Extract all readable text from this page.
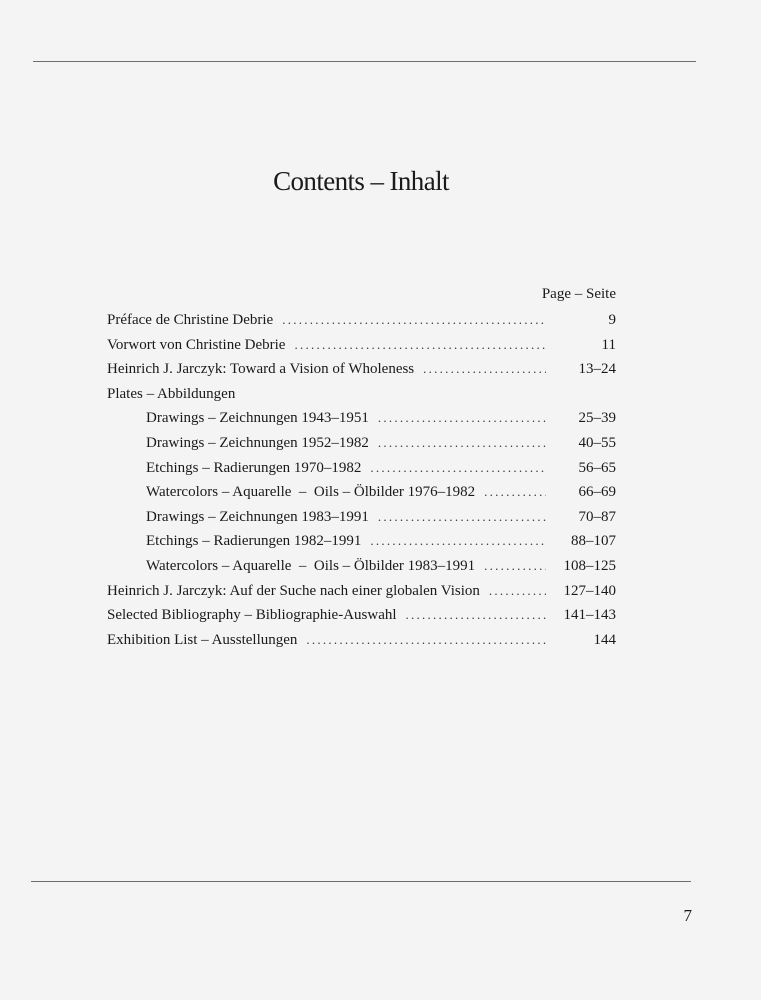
Contents – Inhalt
Page – Seite
Préface de Christine Debrie . . .	9
Vorwort von Christine Debrie . . .	11
Heinrich J. Jarczyk: Toward a Vision of Wholeness . . .	13–24
Plates – Abbildungen
Drawings – Zeichnungen 1943–1951 . . .	25–39
Drawings – Zeichnungen 1952–1982 . . .	40–55
Etchings – Radierungen 1970–1982 . . .	56–65
Watercolors – Aquarelle  –  Oils – Ölbilder 1976–1982 . . .	66–69
Drawings – Zeichnungen 1983–1991 . . .	70–87
Etchings – Radierungen 1982–1991 . . .	88–107
Watercolors – Aquarelle  –  Oils – Ölbilder 1983–1991 . . .	108–125
Heinrich J. Jarczyk: Auf der Suche nach einer globalen Vision . . .	127–140
Selected Bibliography – Bibliographie-Auswahl . . .	141–143
Exhibition List – Ausstellungen . . .	144
7
